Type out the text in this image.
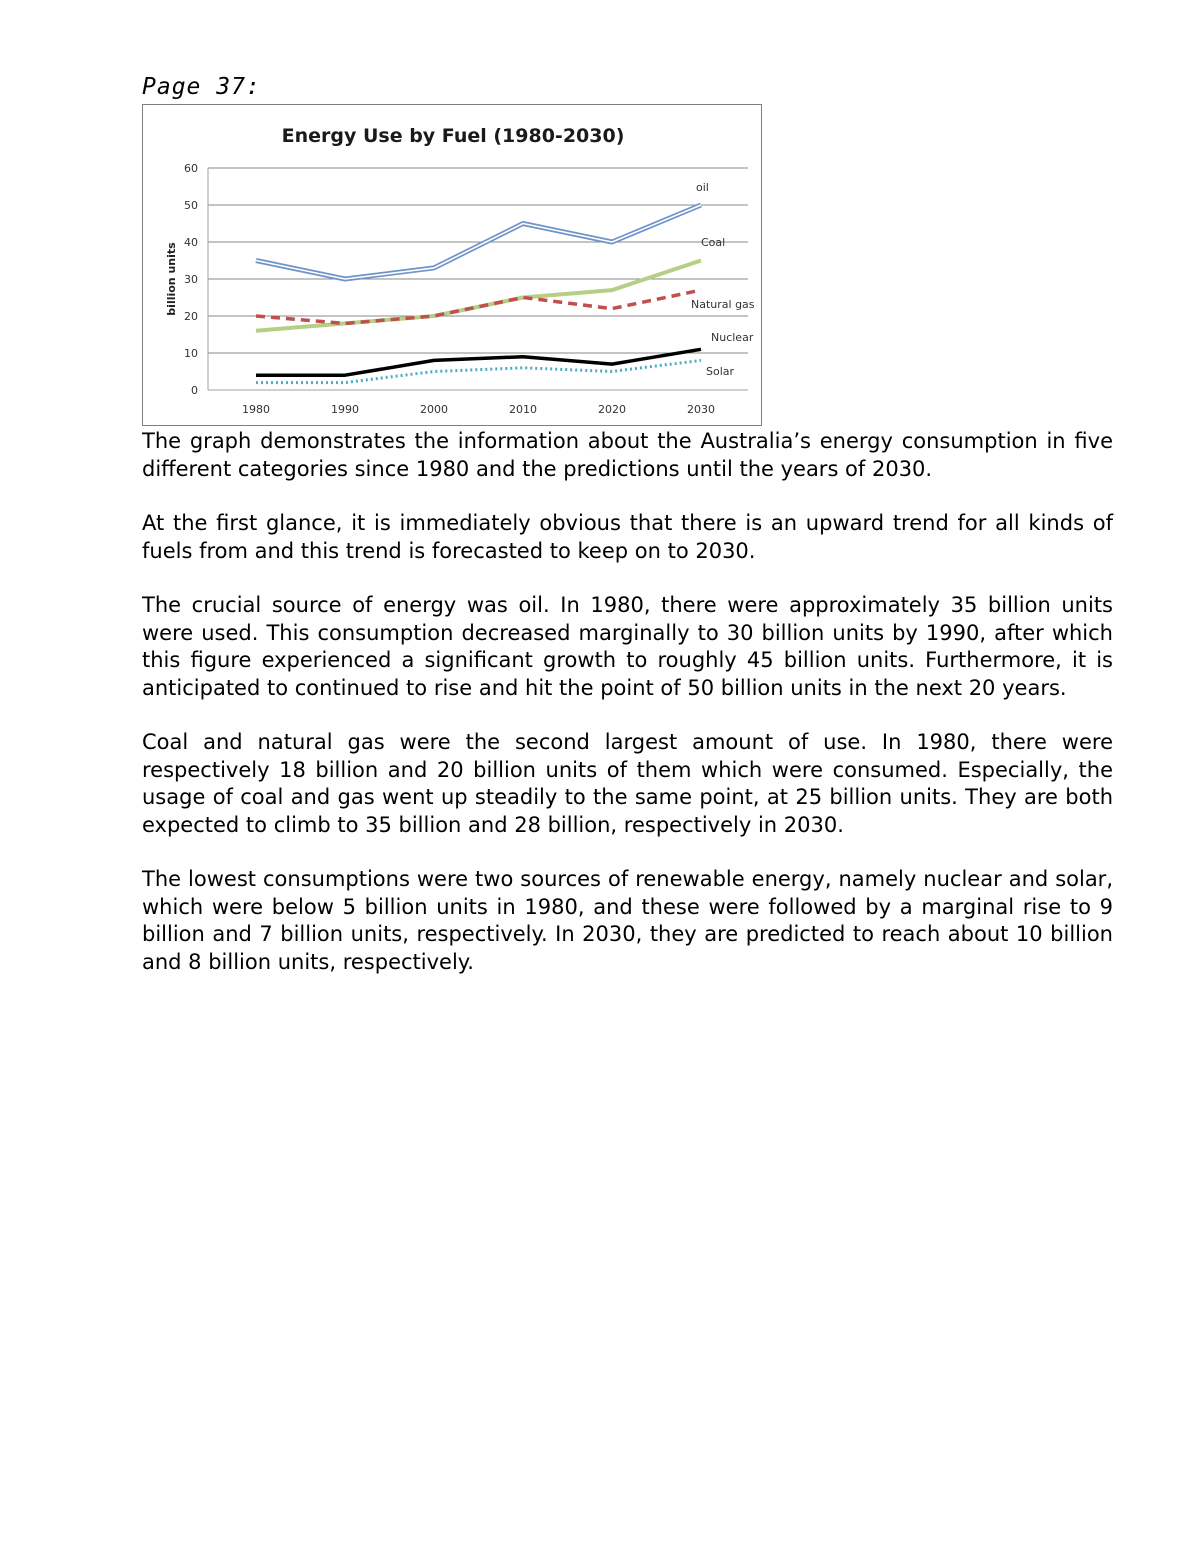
Page 37:
Energy Use by Fuel (1980-2030)
0
10
20
30
40
50
60
billion units
1980	1990	2000	2010	2020	2030
oil
Coal
Natural gas
Nuclear
Solar

The graph demonstrates the information about the Australia’s energy consumption in five different categories since 1980 and the predictions until the years of 2030.

At the first glance, it is immediately obvious that there is an upward trend for all kinds of fuels from and this trend is forecasted to keep on to 2030.

The crucial source of energy was oil. In 1980, there were approximately 35 billion units were used. This consumption decreased marginally to 30 billion units by 1990, after which this figure experienced a significant growth to roughly 45 billion units. Furthermore, it is anticipated to continued to rise and hit the point of 50 billion units in the next 20 years.

Coal and natural gas were the second largest amount of use. In 1980, there were respectively 18 billion and 20 billion units of them which were consumed. Especially, the usage of coal and gas went up steadily to the same point, at 25 billion units. They are both expected to climb to 35 billion and 28 billion, respectively in 2030.

The lowest consumptions were two sources of renewable energy, namely nuclear and solar, which were below 5 billion units in 1980, and these were followed by a marginal rise to 9 billion and 7 billion units, respectively. In 2030, they are predicted to reach about 10 billion and 8 billion units, respectively.
